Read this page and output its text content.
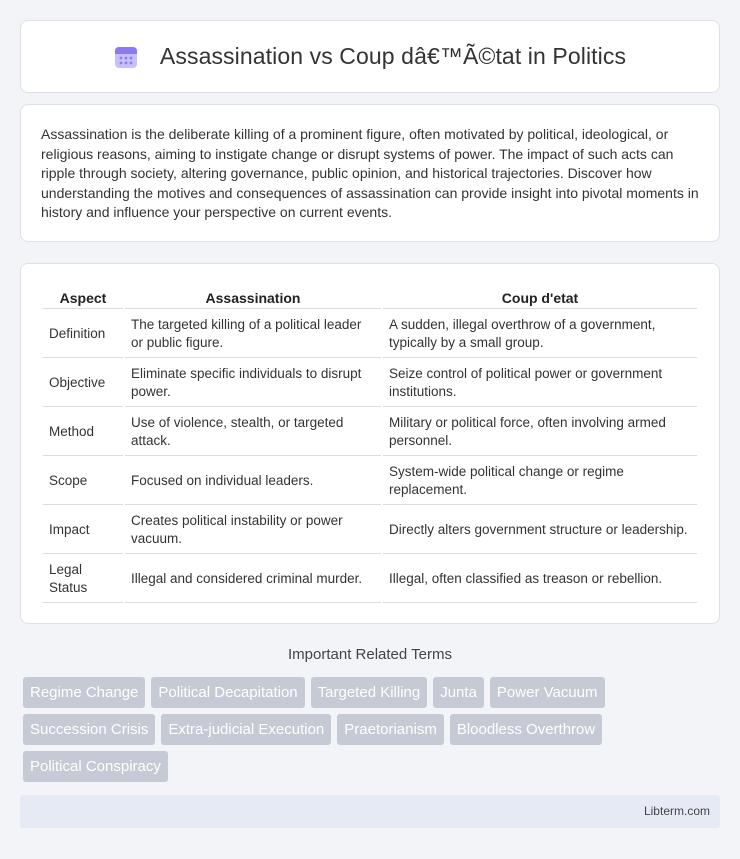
Assassination vs Coup dâ€™Ã©tat in Politics

Assassination is the deliberate killing of a prominent figure, often motivated by political, ideological, or religious reasons, aiming to instigate change or disrupt systems of power. The impact of such acts can ripple through society, altering governance, public opinion, and historical trajectories. Discover how understanding the motives and consequences of assassination can provide insight into pivotal moments in history and influence your perspective on current events.

Aspect	Assassination	Coup d'etat
Definition	The targeted killing of a political leader or public figure.	A sudden, illegal overthrow of a government, typically by a small group.
Objective	Eliminate specific individuals to disrupt power.	Seize control of political power or government institutions.
Method	Use of violence, stealth, or targeted attack.	Military or political force, often involving armed personnel.
Scope	Focused on individual leaders.	System-wide political change or regime replacement.
Impact	Creates political instability or power vacuum.	Directly alters government structure or leadership.
Legal Status	Illegal and considered criminal murder.	Illegal, often classified as treason or rebellion.
Important Related Terms
Regime Change	Political Decapitation	Targeted Killing	Junta	Power Vacuum
Succession Crisis	Extra-judicial Execution	Praetorianism	Bloodless Overthrow
Political Conspiracy
Libterm.com
